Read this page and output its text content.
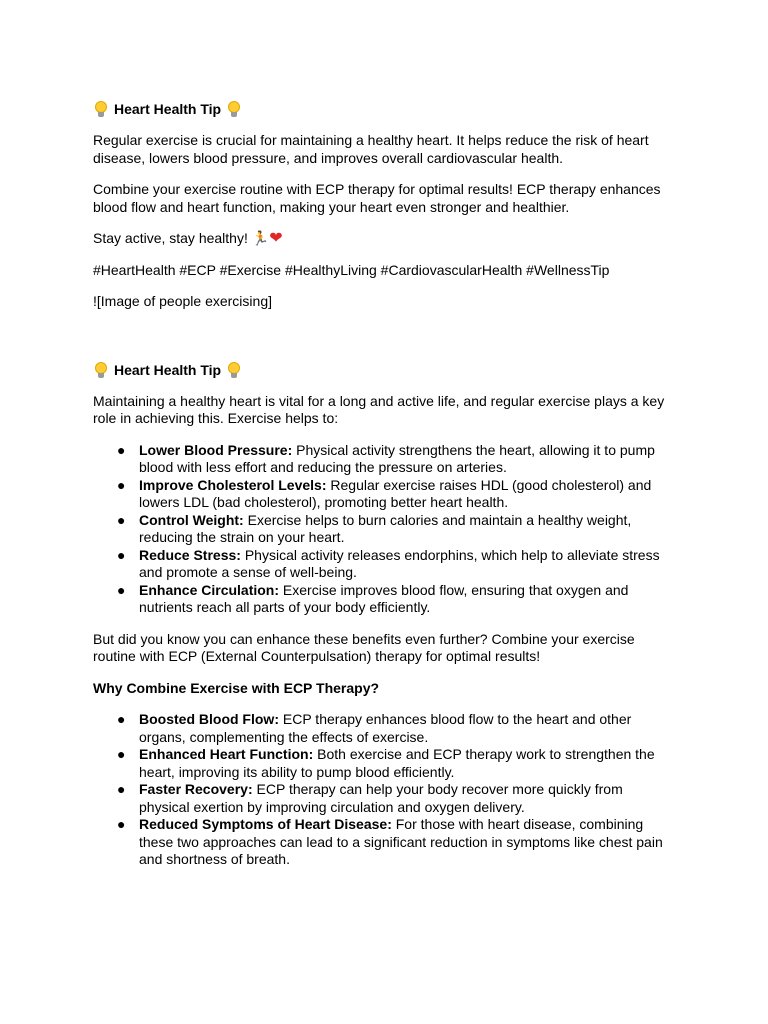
Heart Health Tip

Regular exercise is crucial for maintaining a healthy heart. It helps reduce the risk of heart disease, lowers blood pressure, and improves overall cardiovascular health.

Combine your exercise routine with ECP therapy for optimal results! ECP therapy enhances blood flow and heart function, making your heart even stronger and healthier.

Stay active, stay healthy! 🏃❤

#HeartHealth #ECP #Exercise #HealthyLiving #CardiovascularHealth #WellnessTip

![Image of people exercising]

Heart Health Tip

Maintaining a healthy heart is vital for a long and active life, and regular exercise plays a key role in achieving this. Exercise helps to:

● Lower Blood Pressure: Physical activity strengthens the heart, allowing it to pump blood with less effort and reducing the pressure on arteries.
● Improve Cholesterol Levels: Regular exercise raises HDL (good cholesterol) and lowers LDL (bad cholesterol), promoting better heart health.
● Control Weight: Exercise helps to burn calories and maintain a healthy weight, reducing the strain on your heart.
● Reduce Stress: Physical activity releases endorphins, which help to alleviate stress and promote a sense of well-being.
● Enhance Circulation: Exercise improves blood flow, ensuring that oxygen and nutrients reach all parts of your body efficiently.

But did you know you can enhance these benefits even further? Combine your exercise routine with ECP (External Counterpulsation) therapy for optimal results!

Why Combine Exercise with ECP Therapy?

● Boosted Blood Flow: ECP therapy enhances blood flow to the heart and other organs, complementing the effects of exercise.
● Enhanced Heart Function: Both exercise and ECP therapy work to strengthen the heart, improving its ability to pump blood efficiently.
● Faster Recovery: ECP therapy can help your body recover more quickly from physical exertion by improving circulation and oxygen delivery.
● Reduced Symptoms of Heart Disease: For those with heart disease, combining these two approaches can lead to a significant reduction in symptoms like chest pain and shortness of breath.
